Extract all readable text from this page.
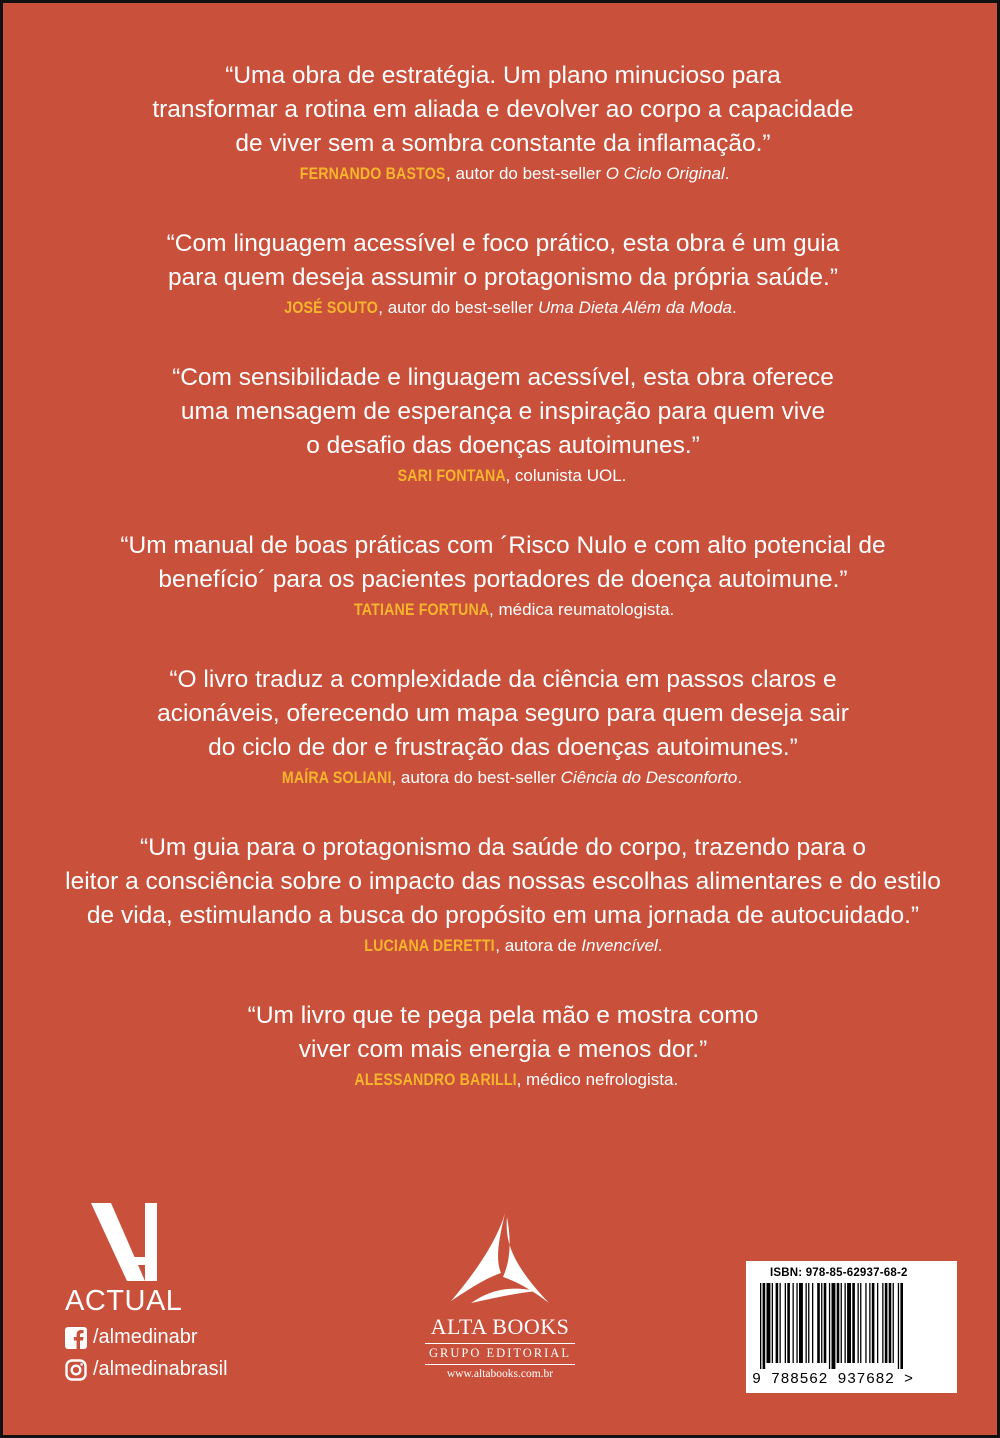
“Uma obra de estratégia. Um plano minucioso para
transformar a rotina em aliada e devolver ao corpo a capacidade
de viver sem a sombra constante da inflamação.”
FERNANDO BASTOS, autor do best-seller O Ciclo Original.
“Com linguagem acessível e foco prático, esta obra é um guia
para quem deseja assumir o protagonismo da própria saúde.”
JOSÉ SOUTO, autor do best-seller Uma Dieta Além da Moda.
“Com sensibilidade e linguagem acessível, esta obra oferece
uma mensagem de esperança e inspiração para quem vive
o desafio das doenças autoimunes.”
SARI FONTANA, colunista UOL.
“Um manual de boas práticas com ´Risco Nulo e com alto potencial de
benefício´ para os pacientes portadores de doença autoimune.”
TATIANE FORTUNA, médica reumatologista.
“O livro traduz a complexidade da ciência em passos claros e
acionáveis, oferecendo um mapa seguro para quem deseja sair
do ciclo de dor e frustração das doenças autoimunes.”
MAÍRA SOLIANI, autora do best-seller Ciência do Desconforto.
“Um guia para o protagonismo da saúde do corpo, trazendo para o
leitor a consciência sobre o impacto das nossas escolhas alimentares e do estilo
de vida, estimulando a busca do propósito em uma jornada de autocuidado.”
LUCIANA DERETTI, autora de Invencível.
“Um livro que te pega pela mão e mostra como
viver com mais energia e menos dor.”
ALESSANDRO BARILLI, médico nefrologista.
ACTUAL
/almedinabr
/almedinabrasil
ALTA BOOKS
GRUPO EDITORIAL
www.altabooks.com.br
ISBN: 978-85-62937-68-2
9 788562 937682 >
